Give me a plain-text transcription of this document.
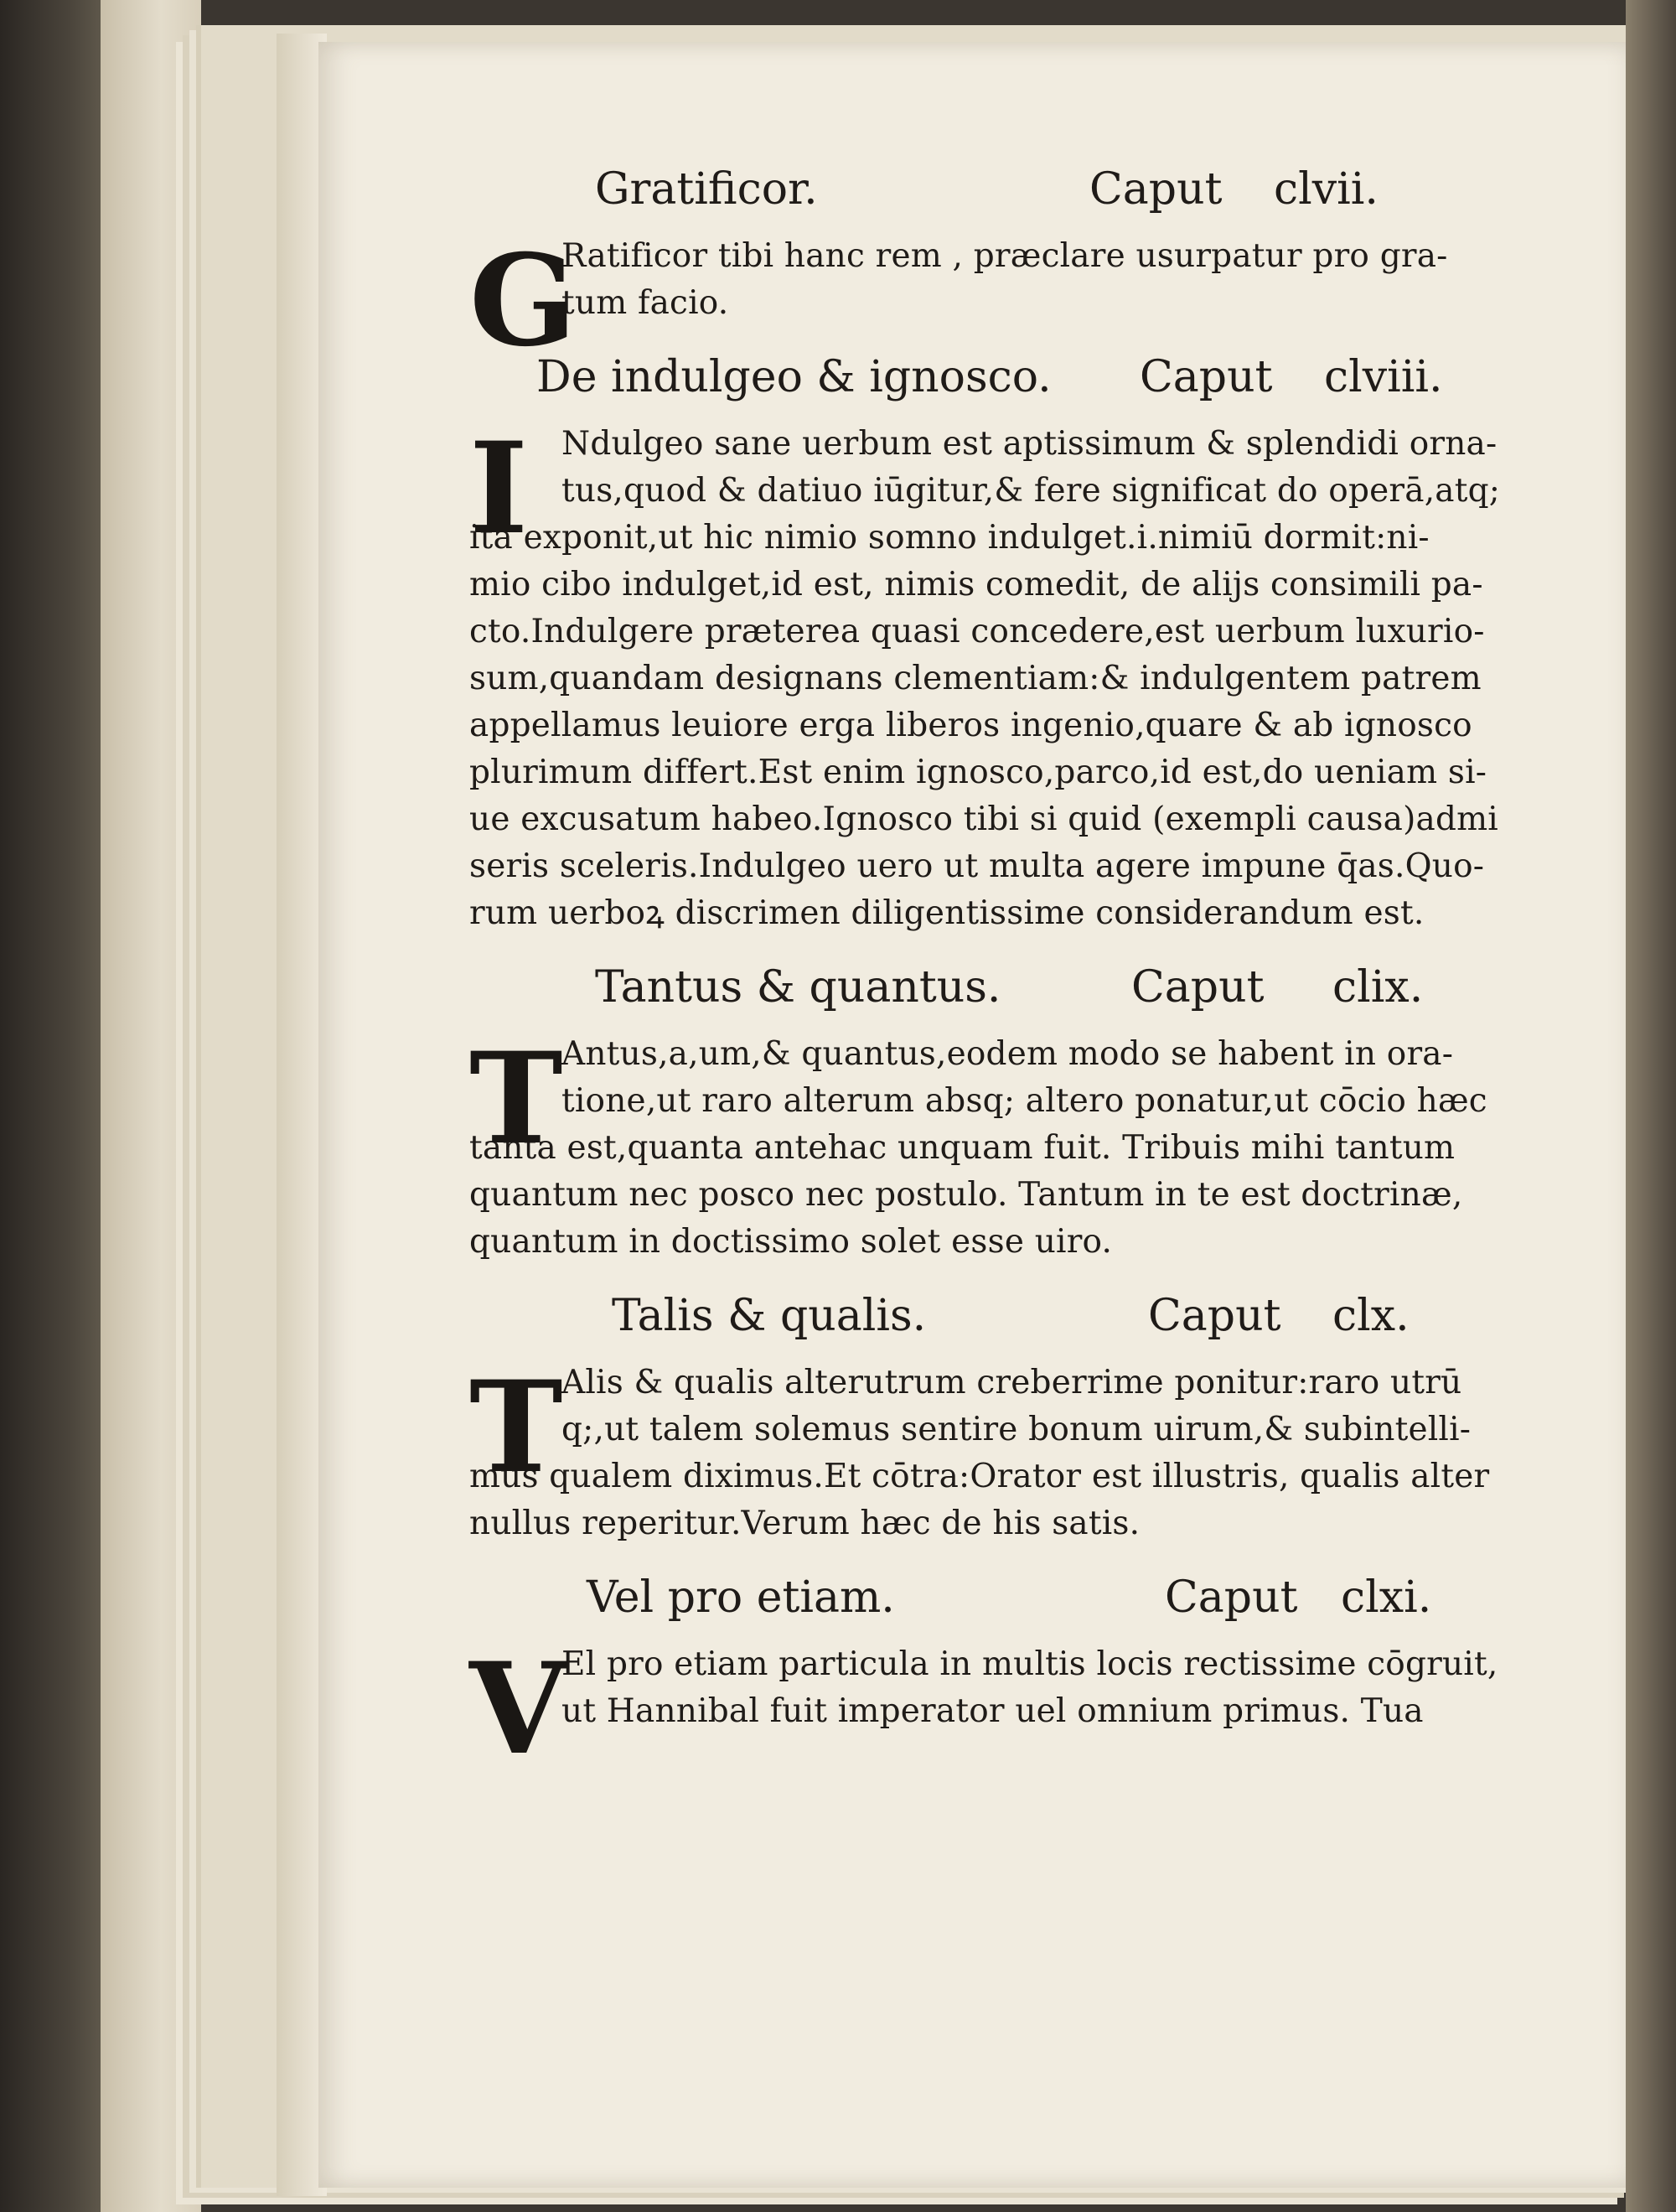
Gratificor.	Caput clvii.
G
Ratificor tibi hanc rem , præclare usurpatur pro gra-
tum facio.
De indulgeo & ignosco. Caput clviii.
I	Ndulgeo sane uerbum est aptissimum & splendidi orna-
tus,quod & datiuo iūgitur,& fere significat do operā,atq;
ita exponit,ut hic nimio somno indulget.i.nimiū dormit:ni-
mio cibo indulget,id est, nimis comedit, de alijs consimili pa-
cto.Indulgere præterea quasi concedere,est uerbum luxurio-
sum,quandam designans clementiam:& indulgentem patrem
appellamus leuiore erga liberos ingenio,quare & ab ignosco
plurimum differt.Est enim ignosco,parco,id est,do ueniam si-
ue excusatum habeo.Ignosco tibi si quid (exempli causa)admi
seris sceleris.Indulgeo uero ut multa agere impune q̄as.Quo-
rum uerboꝝ discrimen diligentissime considerandum est.
Tantus & quantus.	Caput clix.
T
Antus,a,um,& quantus,eodem modo se habent in ora-
tione,ut raro alterum absq; altero ponatur,ut cōcio hæc
tanta est,quanta antehac unquam fuit. Tribuis mihi tantum
quantum nec posco nec postulo. Tantum in te est doctrinæ,
quantum in doctissimo solet esse uiro.
Talis & qualis.	Caput clx.
T
Alis & qualis alterutrum creberrime ponitur:raro utrū
q;,ut talem solemus sentire bonum uirum,& subintelli-
mus qualem diximus.Et cōtra:Orator est illustris, qualis alter
nullus reperitur.Verum hæc de his satis.
Vel pro etiam.	Caput clxi.
V
El pro etiam particula in multis locis rectissime cōgruit,
ut Hannibal fuit imperator uel omnium primus. Tua
